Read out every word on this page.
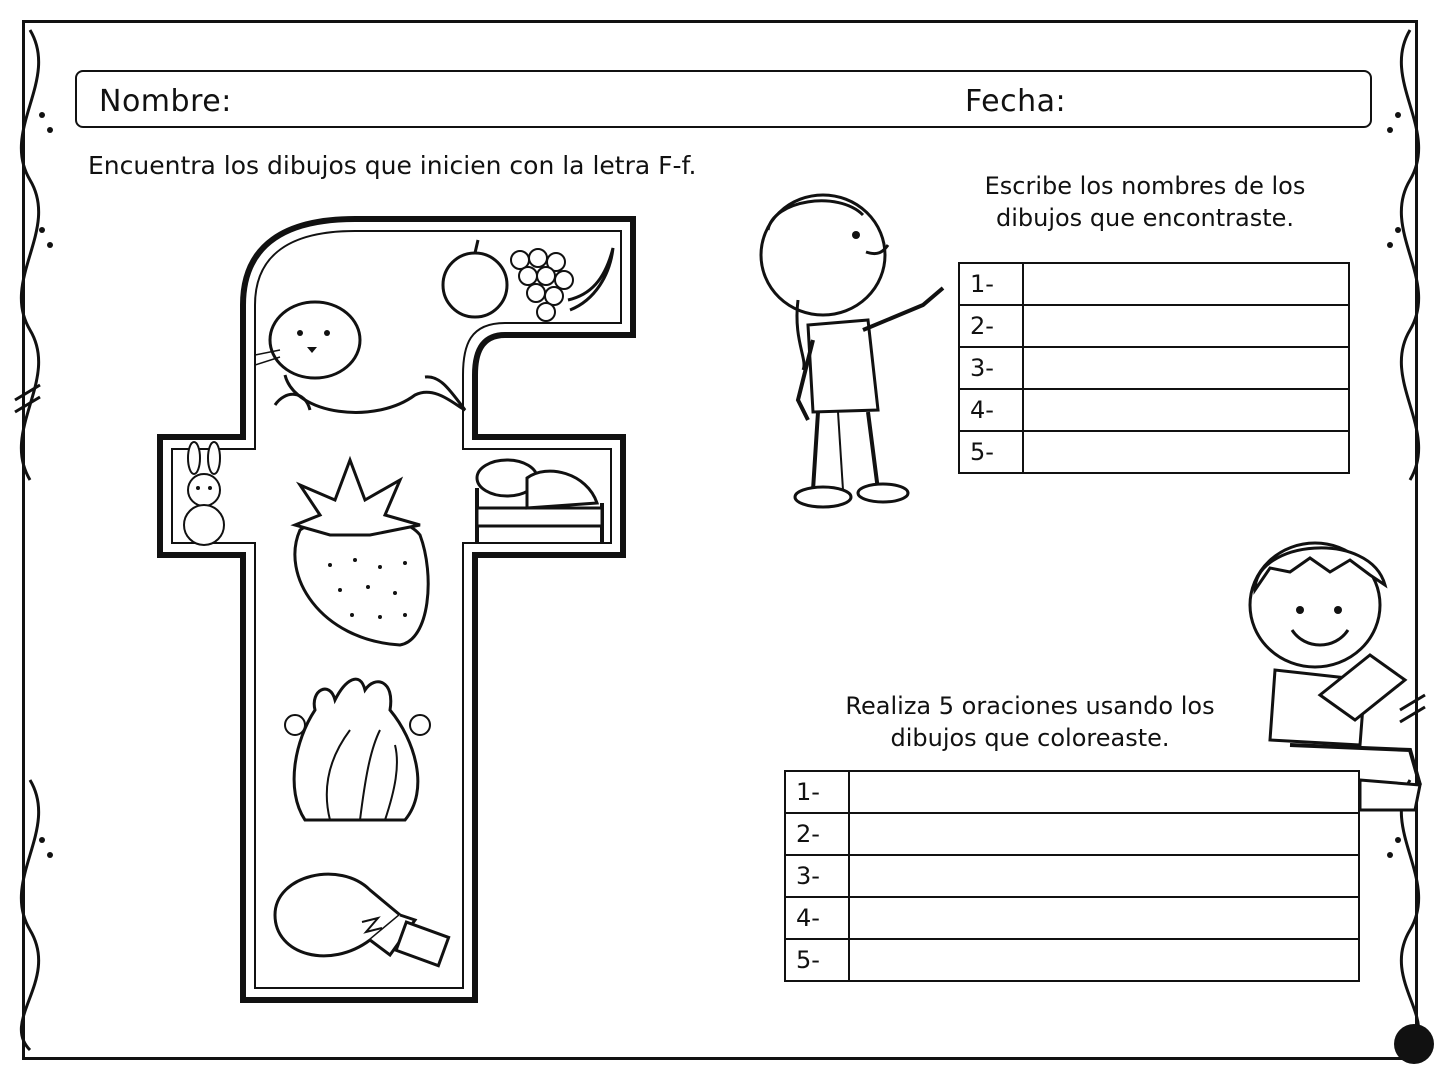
Nombre:	Fecha:
Encuentra los dibujos que inicien con la letra F-f.
Escribe los nombres de los
dibujos que encontraste.
1-	
2-	
3-	
4-	
5-	
Realiza 5 oraciones usando los
dibujos que coloreaste.
1-	
2-	
3-	
4-	
5-	
